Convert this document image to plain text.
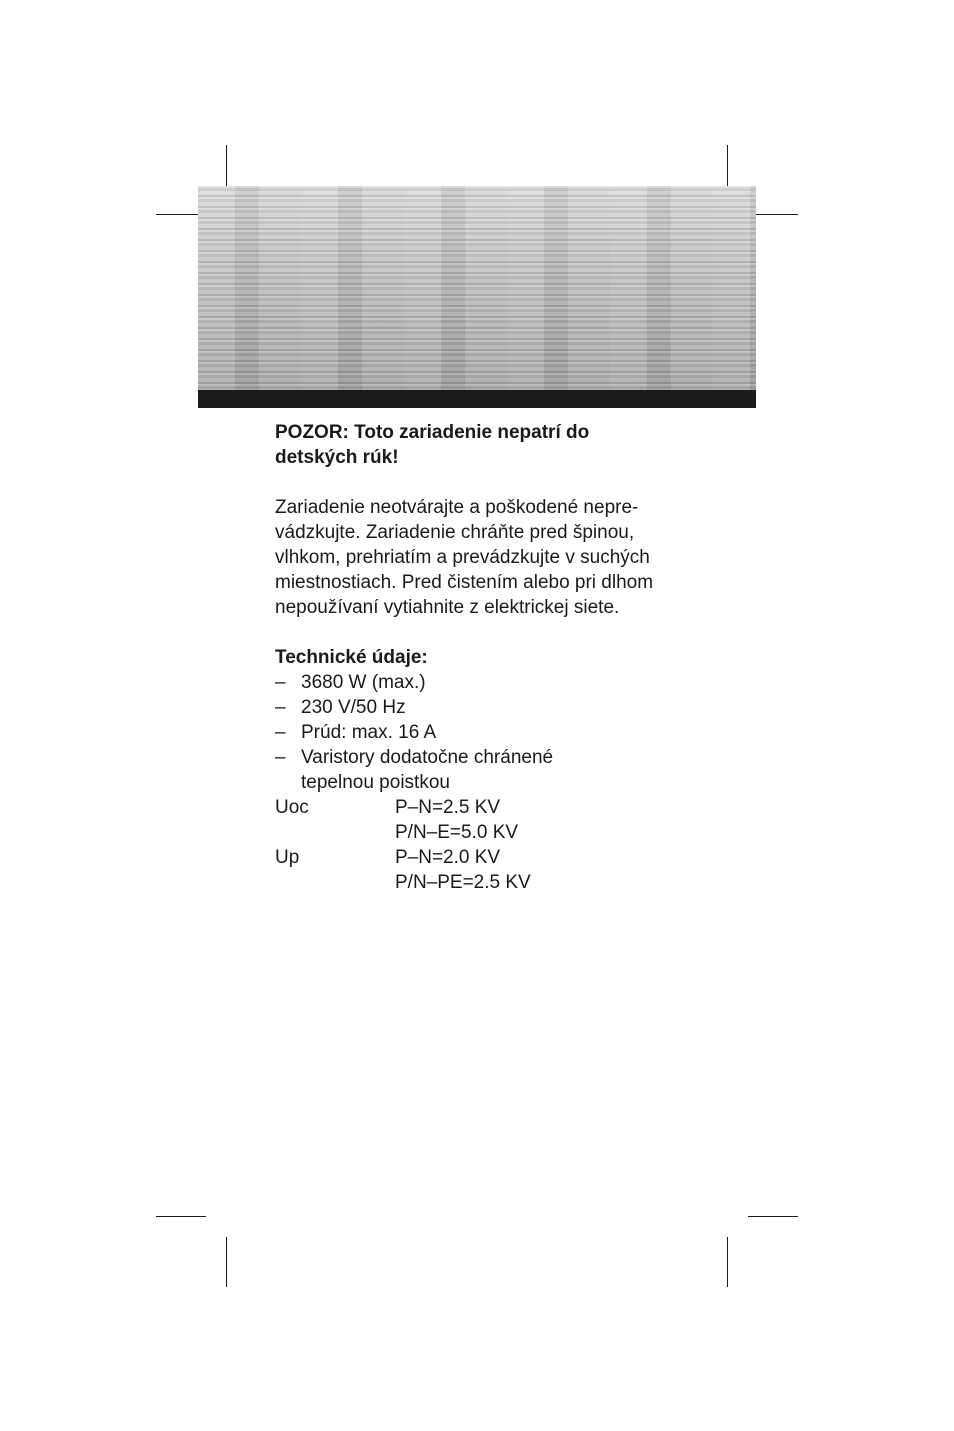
POZOR: Toto zariadenie nepatrí do detských rúk!

Zariadenie neotvárajte a poškodené nepre-vádzkujte. Zariadenie chráňte pred špinou, vlhkom, prehriatím a prevádzkujte v suchých miestnostiach. Pred čistením alebo pri dlhom nepoužívaní vytiahnite z elektrickej siete.

Technické údaje:

– 3680 W (max.)
– 230 V/50 Hz
– Prúd: max. 16 A
– Varistory dodatočne chránené tepelnou poistkou
Uoc	P–N=2.5 KV
P/N–E=5.0 KV
Up	P–N=2.0 KV
P/N–PE=2.5 KV
